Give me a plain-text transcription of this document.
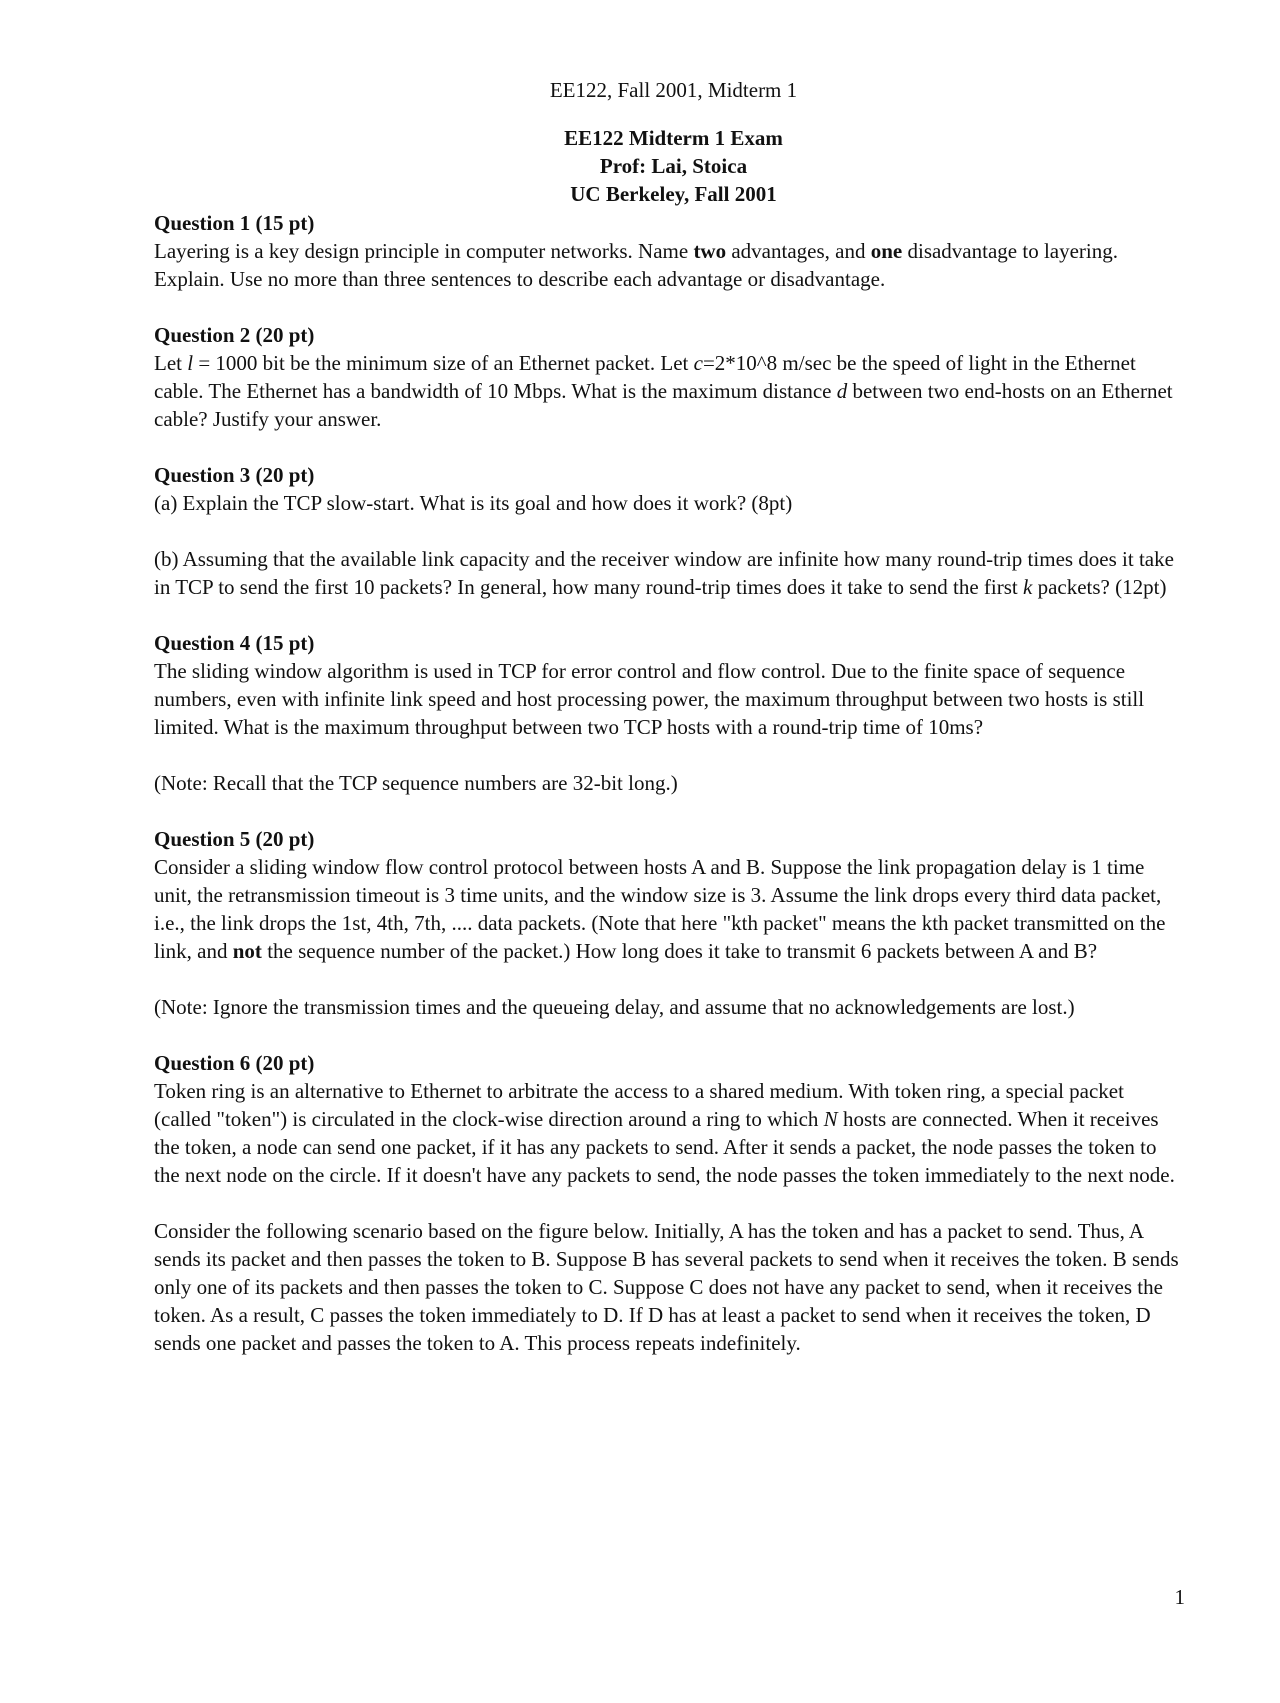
EE122, Fall 2001, Midterm 1
EE122 Midterm 1 Exam
Prof: Lai, Stoica
UC Berkeley, Fall 2001
Question 1 (15 pt)
Layering is a key design principle in computer networks. Name two advantages, and one disadvantage to layering. Explain. Use no more than three sentences to describe each advantage or disadvantage.
Question 2 (20 pt)
Let l = 1000 bit be the minimum size of an Ethernet packet. Let c=2*10^8 m/sec be the speed of light in the Ethernet cable. The Ethernet has a bandwidth of 10 Mbps. What is the maximum distance d between two end-hosts on an Ethernet cable? Justify your answer.
Question 3 (20 pt)
(a) Explain the TCP slow-start. What is its goal and how does it work? (8pt)
(b) Assuming that the available link capacity and the receiver window are infinite how many round-trip times does it take in TCP to send the first 10 packets? In general, how many round-trip times does it take to send the first k packets? (12pt)
Question 4 (15 pt)
The sliding window algorithm is used in TCP for error control and flow control. Due to the finite space of sequence numbers, even with infinite link speed and host processing power, the maximum throughput between two hosts is still limited. What is the maximum throughput between two TCP hosts with a round-trip time of 10ms?
(Note: Recall that the TCP sequence numbers are 32-bit long.)
Question 5 (20 pt)
Consider a sliding window flow control protocol between hosts A and B. Suppose the link propagation delay is 1 time unit, the retransmission timeout is 3 time units, and the window size is 3. Assume the link drops every third data packet, i.e., the link drops the 1st, 4th, 7th, .... data packets. (Note that here "kth packet" means the kth packet transmitted on the link, and not the sequence number of the packet.) How long does it take to transmit 6 packets between A and B?
(Note: Ignore the transmission times and the queueing delay, and assume that no acknowledgements are lost.)
Question 6 (20 pt)
Token ring is an alternative to Ethernet to arbitrate the access to a shared medium. With token ring, a special packet (called "token") is circulated in the clock-wise direction around a ring to which N hosts are connected. When it receives the token, a node can send one packet, if it has any packets to send. After it sends a packet, the node passes the token to the next node on the circle. If it doesn't have any packets to send, the node passes the token immediately to the next node.
Consider the following scenario based on the figure below. Initially, A has the token and has a packet to send. Thus, A sends its packet and then passes the token to B. Suppose B has several packets to send when it receives the token. B sends only one of its packets and then passes the token to C. Suppose C does not have any packet to send, when it receives the token. As a result, C passes the token immediately to D. If D has at least a packet to send when it receives the token, D sends one packet and passes the token to A. This process repeats indefinitely.
1
